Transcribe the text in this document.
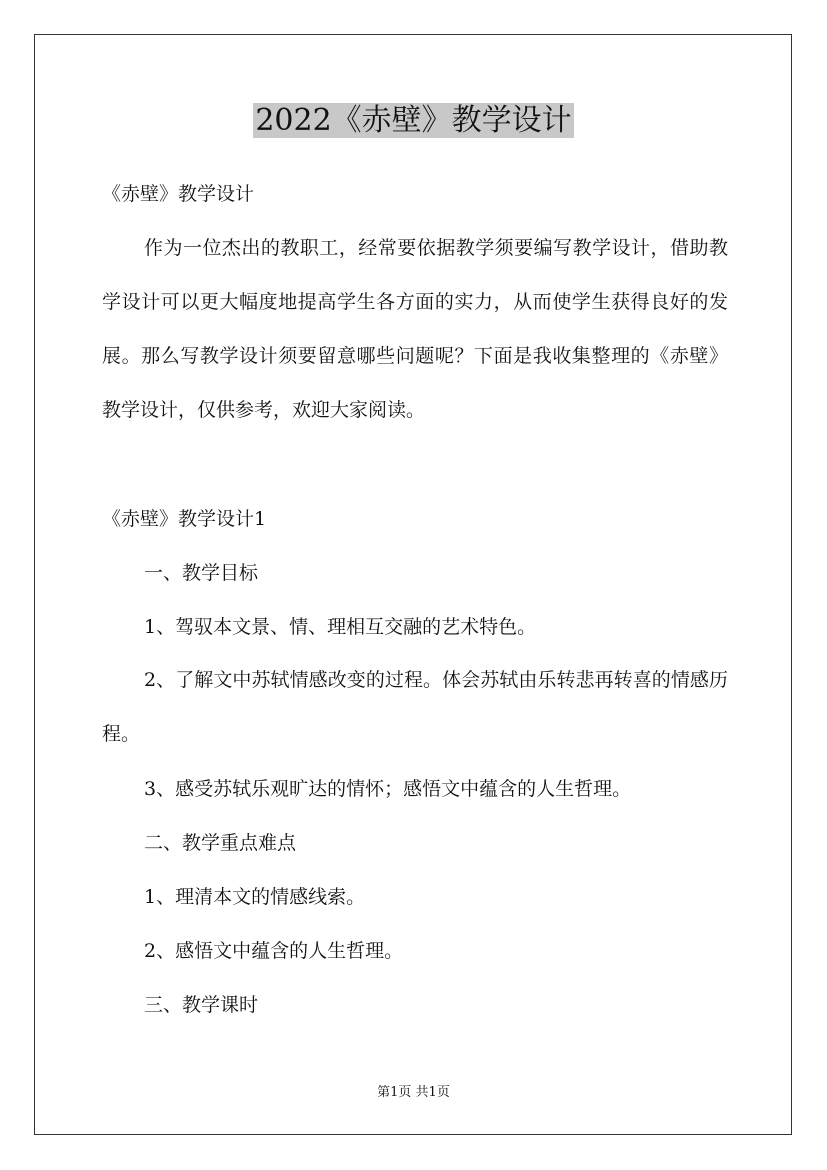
2022《赤壁》教学设计
《赤壁》教学设计

作为一位杰出的教职工，经常要依据教学须要编写教学设计，借助教学设计可以更大幅度地提高学生各方面的实力，从而使学生获得良好的发展。那么写教学设计须要留意哪些问题呢？下面是我收集整理的《赤壁》教学设计，仅供参考，欢迎大家阅读。

《赤壁》教学设计1
一、教学目标
1、驾驭本文景、情、理相互交融的艺术特色。

2、了解文中苏轼情感改变的过程。体会苏轼由乐转悲再转喜的情感历程。

3、感受苏轼乐观旷达的情怀；感悟文中蕴含的人生哲理。
二、教学重点难点
1、理清本文的情感线索。
2、感悟文中蕴含的人生哲理。
三、教学课时
第1页 共1页
